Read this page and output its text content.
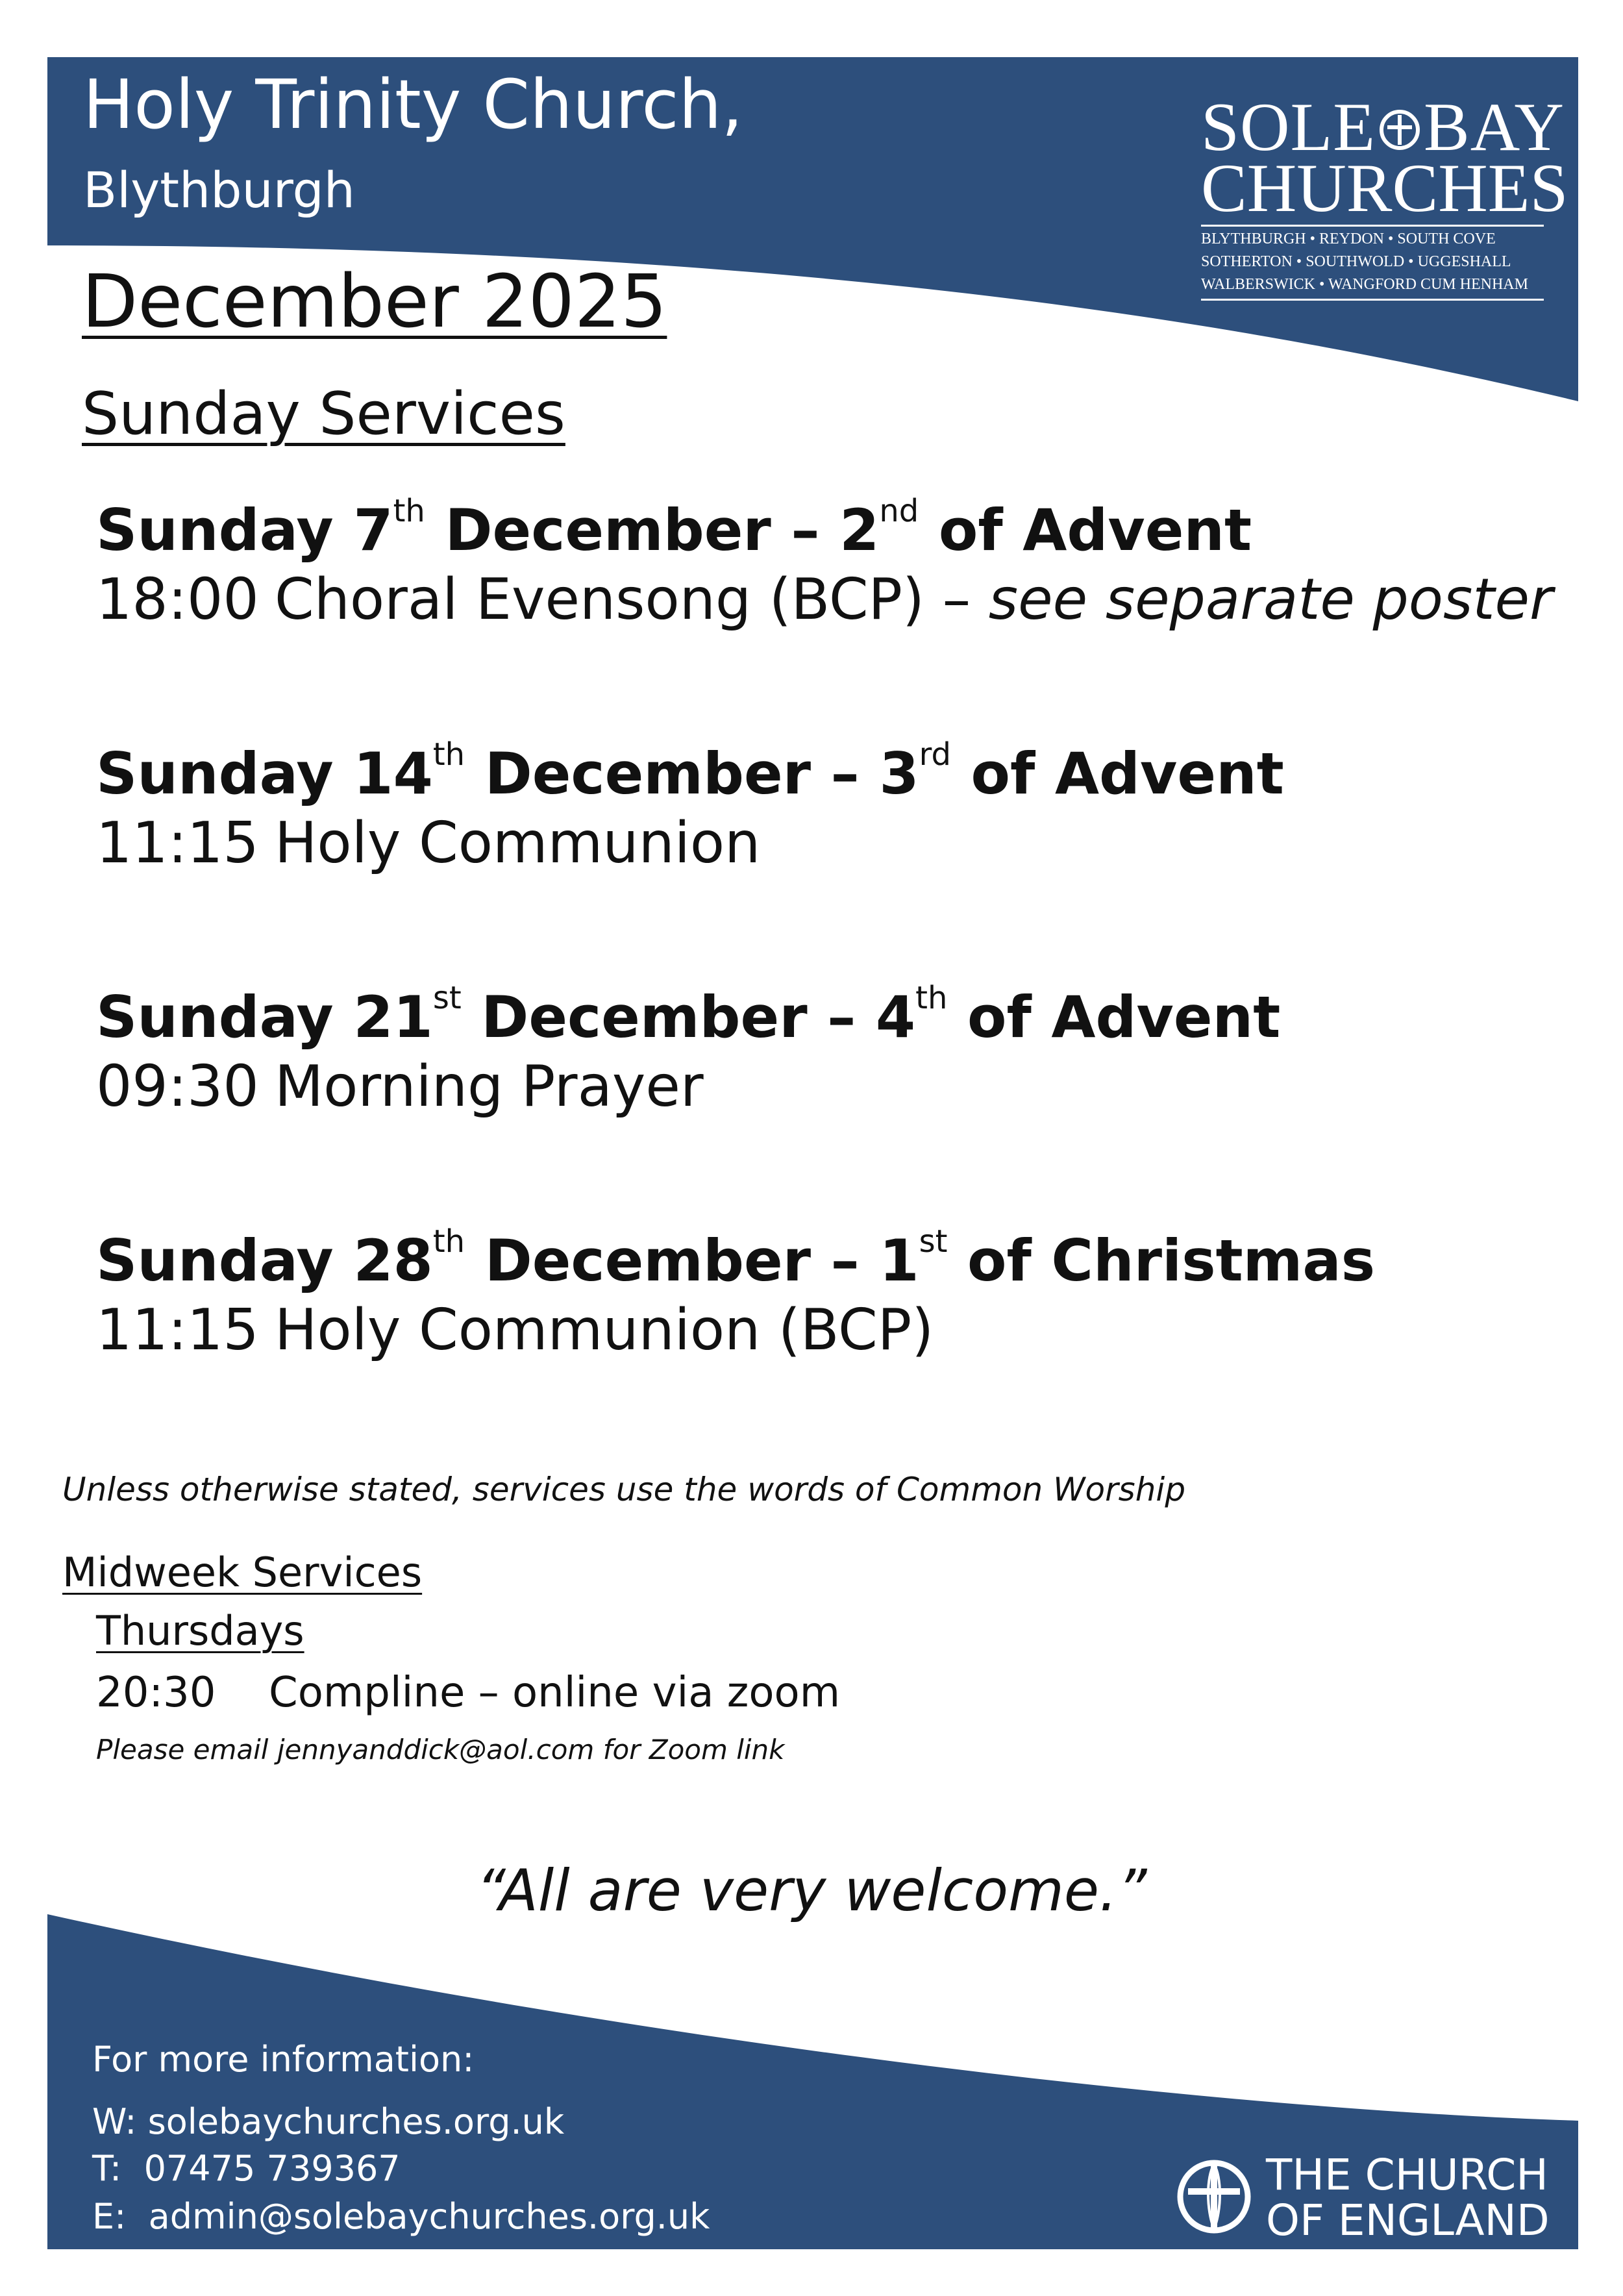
Holy Trinity Church,
Blythburgh
SOLE BAY
CHURCHES
BLYTHBURGH • REYDON • SOUTH COVE
SOTHERTON • SOUTHWOLD • UGGESHALL
WALBERSWICK • WANGFORD CUM HENHAM
December 2025
Sunday Services
Sunday 7th December – 2nd of Advent
18:00 Choral Evensong (BCP) – see separate poster
Sunday 14th December – 3rd of Advent
11:15 Holy Communion
Sunday 21st December – 4th of Advent
09:30 Morning Prayer
Sunday 28th December – 1st of Christmas
11:15 Holy Communion (BCP)
Unless otherwise stated, services use the words of Common Worship
Midweek Services
Thursdays
20:30 Compline – online via zoom
Please email jennyanddick@aol.com for Zoom link
“All are very welcome.”
For more information:
W: solebaychurches.org.uk
T:  07475 739367
E:  admin@solebaychurches.org.uk
THE CHURCH
OF ENGLAND
